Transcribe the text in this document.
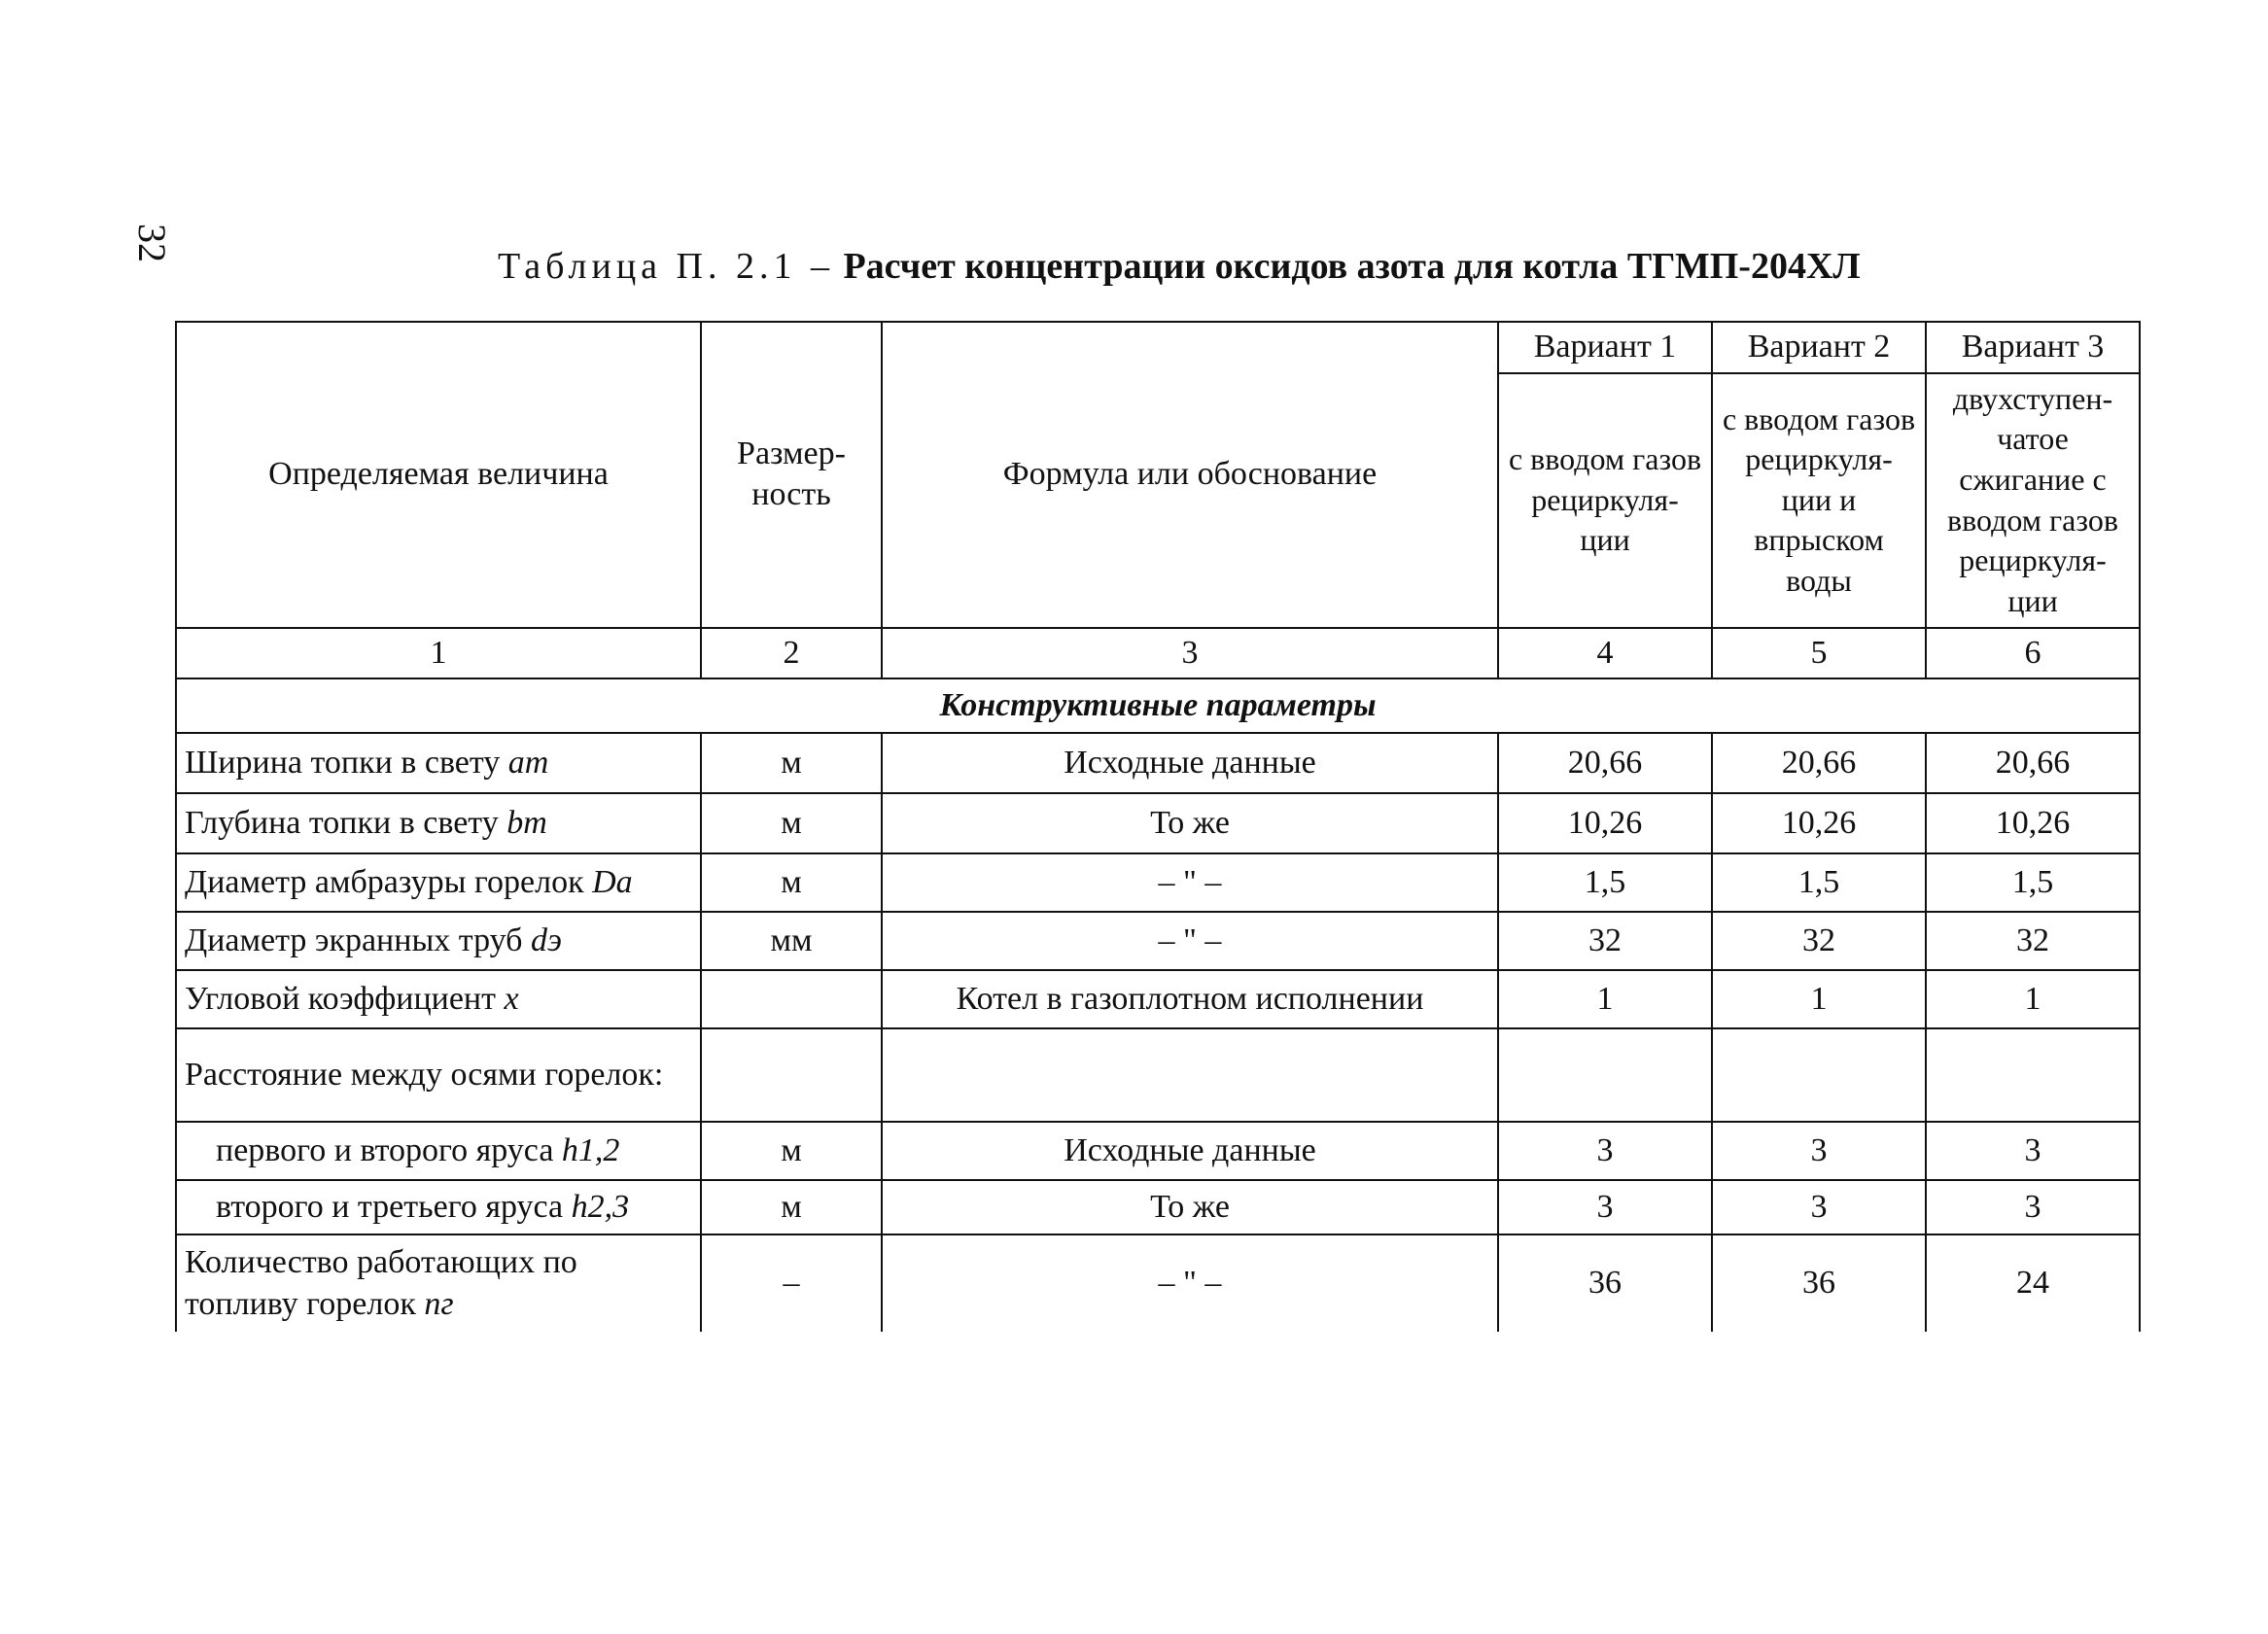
32
Таблица П. 2.1 – Расчет концентрации оксидов азота для котла ТГМП-204ХЛ
Определяемая величина	Размер-ность	Формула или обоснование	Вариант 1	Вариант 2	Вариант 3
			с вводом газов рециркуля-ции	с вводом газов рециркуля-ции и впрыском воды	двухступен-чатое сжигание с вводом газов рециркуля-ции
1	2	3	4	5	6
Конструктивные параметры					
Ширина топки в свету aт	м	Исходные данные	20,66	20,66	20,66
Глубина топки в свету bт	м	То же	10,26	10,26	10,26
Диаметр амбразуры горелок Dа	м	– " –	1,5	1,5	1,5
Диаметр экранных труб dэ	мм	– " –	32	32	32
Угловой коэффициент x		Котел в газоплотном исполнении	1	1	1
Расстояние между осями горелок:					
первого и второго яруса h1,2	м	Исходные данные	3	3	3
второго и третьего яруса h2,3	м	То же	3	3	3
Количество работающих по топливу горелок nг	–	– " –	36	36	24
